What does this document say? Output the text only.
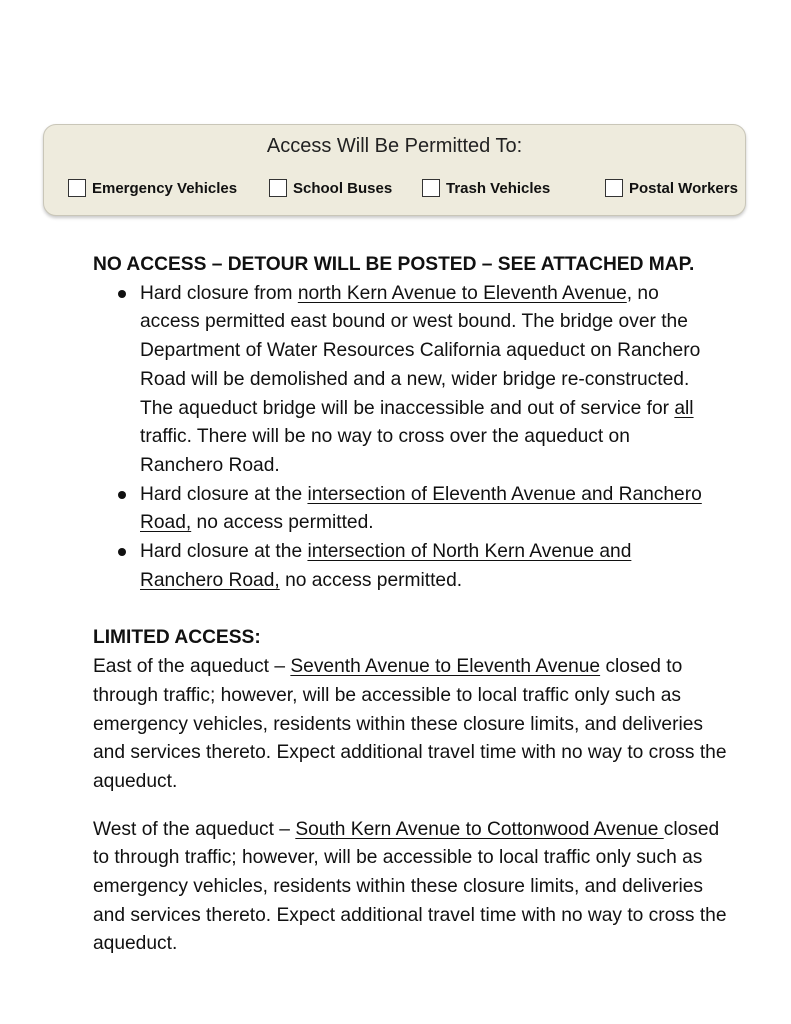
Access Will Be Permitted To:
Emergency Vehicles	School Buses	Trash Vehicles	Postal Workers

NO ACCESS – DETOUR WILL BE POSTED – SEE ATTACHED MAP.

Hard closure from north Kern Avenue to Eleventh Avenue, no access permitted east bound or west bound. The bridge over the Department of Water Resources California aqueduct on Ranchero Road will be demolished and a new, wider bridge re-constructed. The aqueduct bridge will be inaccessible and out of service for all traffic. There will be no way to cross over the aqueduct on Ranchero Road.
Hard closure at the intersection of Eleventh Avenue and Ranchero Road, no access permitted.
Hard closure at the intersection of North Kern Avenue and Ranchero Road, no access permitted.

LIMITED ACCESS:

East of the aqueduct – Seventh Avenue to Eleventh Avenue closed to through traffic; however, will be accessible to local traffic only such as emergency vehicles, residents within these closure limits, and deliveries and services thereto. Expect additional travel time with no way to cross the aqueduct.

West of the aqueduct – South Kern Avenue to Cottonwood Avenue closed to through traffic; however, will be accessible to local traffic only such as emergency vehicles, residents within these closure limits, and deliveries and services thereto. Expect additional travel time with no way to cross the aqueduct.
